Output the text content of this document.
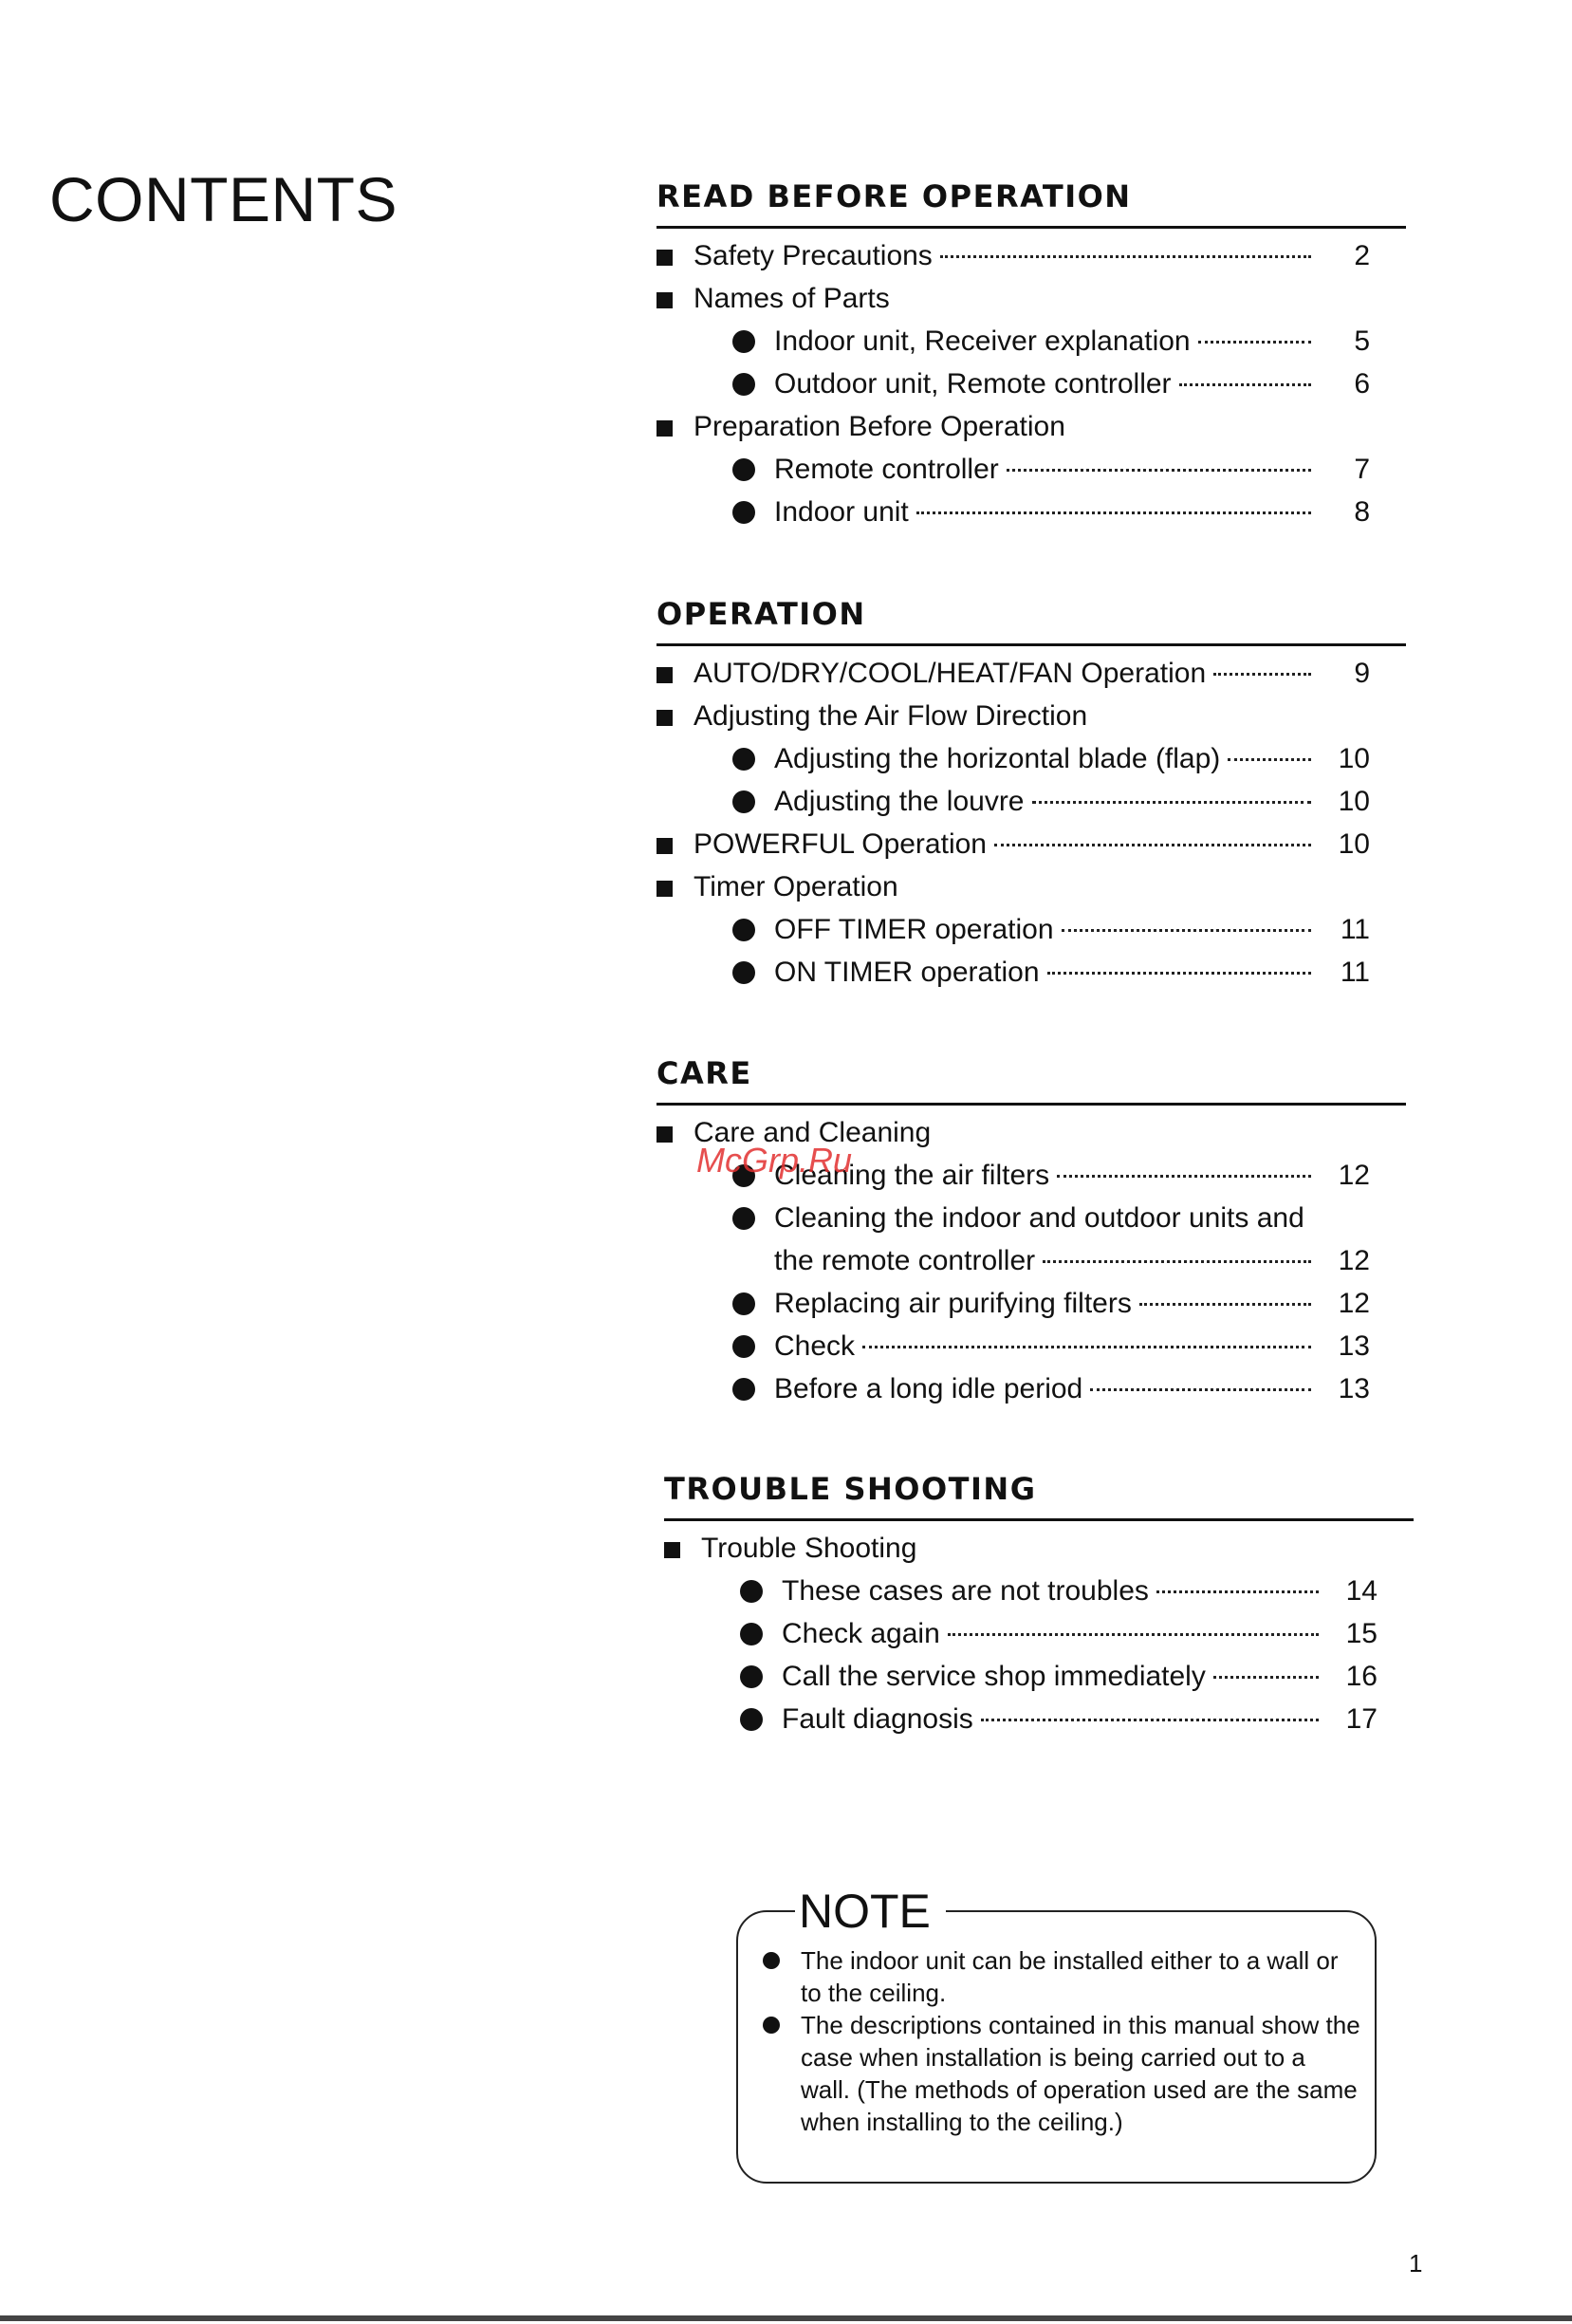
CONTENTS	READ BEFORE OPERATION
Safety Precautions	2
Names of Parts
Indoor unit, Receiver explanation	5
Outdoor unit, Remote controller	6
Preparation Before Operation
Remote controller	7
Indoor unit	8
OPERATION
AUTO/DRY/COOL/HEAT/FAN Operation	9
Adjusting the Air Flow Direction
Adjusting the horizontal blade (flap)	10
Adjusting the louvre	10
POWERFUL Operation	10
Timer Operation
OFF TIMER operation	11
ON TIMER operation	11
CARE
Care and Cleaning
Cleaning the air filters	12
Cleaning the indoor and outdoor units and
the remote controller	12
Replacing air purifying filters	12
Check	13
Before a long idle period	13
McGrp.Ru
TROUBLE SHOOTING
Trouble Shooting
These cases are not troubles	14
Check again	15
Call the service shop immediately	16
Fault diagnosis	17
NOTE
The indoor unit can be installed either to a wall or to the ceiling.
The descriptions contained in this manual show the case when installation is being carried out to a wall. (The methods of operation used are the same when installing to the ceiling.)
1
